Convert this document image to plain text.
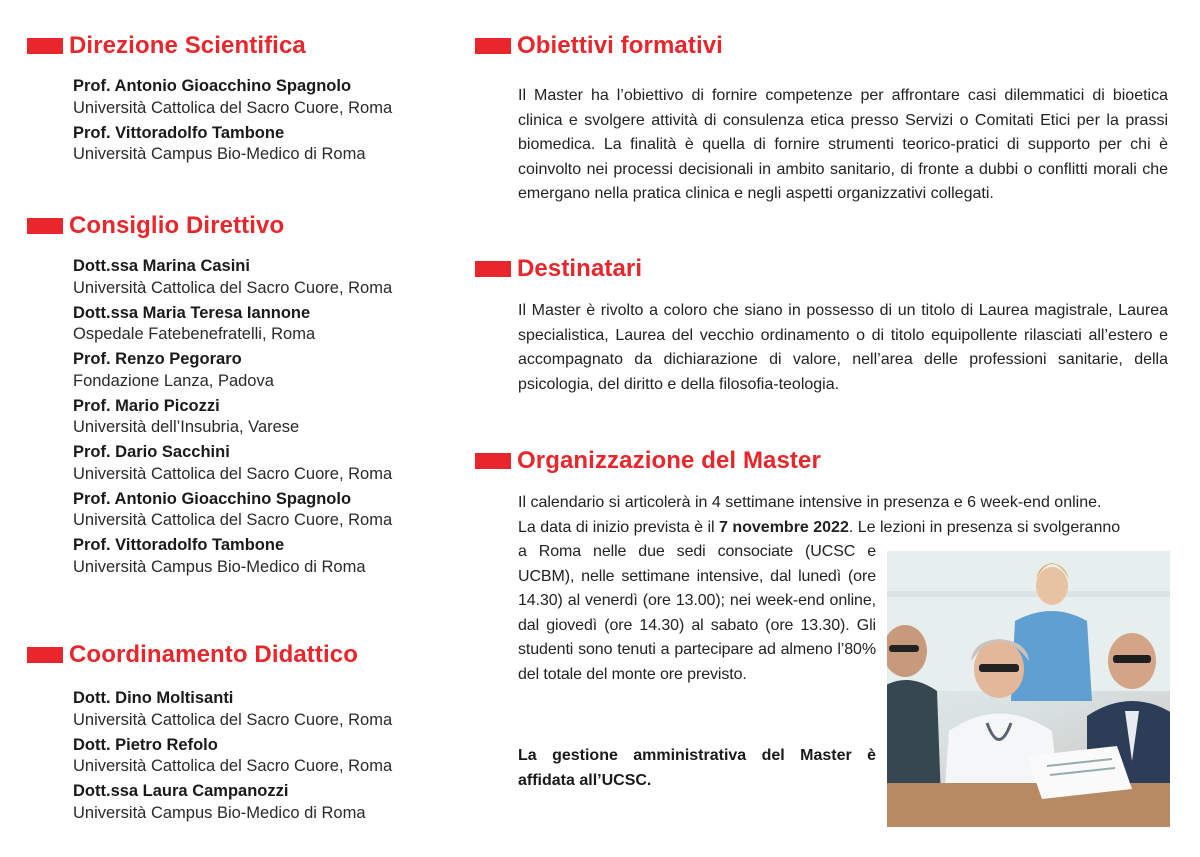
Direzione Scientifica
Prof. Antonio Gioacchino Spagnolo
Università Cattolica del Sacro Cuore, Roma
Prof. Vittoradolfo Tambone
Università Campus Bio-Medico di Roma
Consiglio Direttivo
Dott.ssa Marina Casini
Università Cattolica del Sacro Cuore, Roma
Dott.ssa Maria Teresa Iannone
Ospedale Fatebenefratelli, Roma
Prof. Renzo Pegoraro
Fondazione Lanza, Padova
Prof. Mario Picozzi
Università dell’Insubria, Varese
Prof. Dario Sacchini
Università Cattolica del Sacro Cuore, Roma
Prof. Antonio Gioacchino Spagnolo
Università Cattolica del Sacro Cuore, Roma
Prof. Vittoradolfo Tambone
Università Campus Bio-Medico di Roma
Coordinamento Didattico
Dott. Dino Moltisanti
Università Cattolica del Sacro Cuore, Roma
Dott. Pietro Refolo
Università Cattolica del Sacro Cuore, Roma
Dott.ssa Laura Campanozzi
Università Campus Bio-Medico di Roma
Obiettivi formativi
Il Master ha l’obiettivo di fornire competenze per affrontare casi dilemmatici di bioetica clinica e svolgere attività di consulenza etica presso Servizi o Comitati Etici per la prassi biomedica. La finalità è quella di fornire strumenti teorico-pratici di supporto per chi è coinvolto nei processi decisionali in ambito sanitario, di fronte a dubbi o conflitti morali che emergano nella pratica clinica e negli aspetti organizzativi collegati.
Destinatari
Il Master è rivolto a coloro che siano in possesso di un titolo di Laurea magistrale, Laurea specialistica, Laurea del vecchio ordinamento o di titolo equipollente rilasciati all’estero e accompagnato da dichiarazione di valore, nell’area delle professioni sanitarie, della psicologia, del diritto e della filosofia-teologia.
Organizzazione del Master
Il calendario si articolerà in 4 settimane intensive in presenza e 6 week-end online.
La data di inizio prevista è il 7 novembre 2022. Le lezioni in presenza si svolgeranno
a Roma nelle due sedi consociate (UCSC e UCBM), nelle settimane intensive, dal lunedì (ore 14.30) al venerdì (ore 13.00); nei week-end online, dal giovedì (ore 14.30) al sabato (ore 13.30). Gli studenti sono tenuti a partecipare ad almeno l’80% del totale del monte ore previsto.
La gestione amministrativa del Master è affidata all’UCSC.
